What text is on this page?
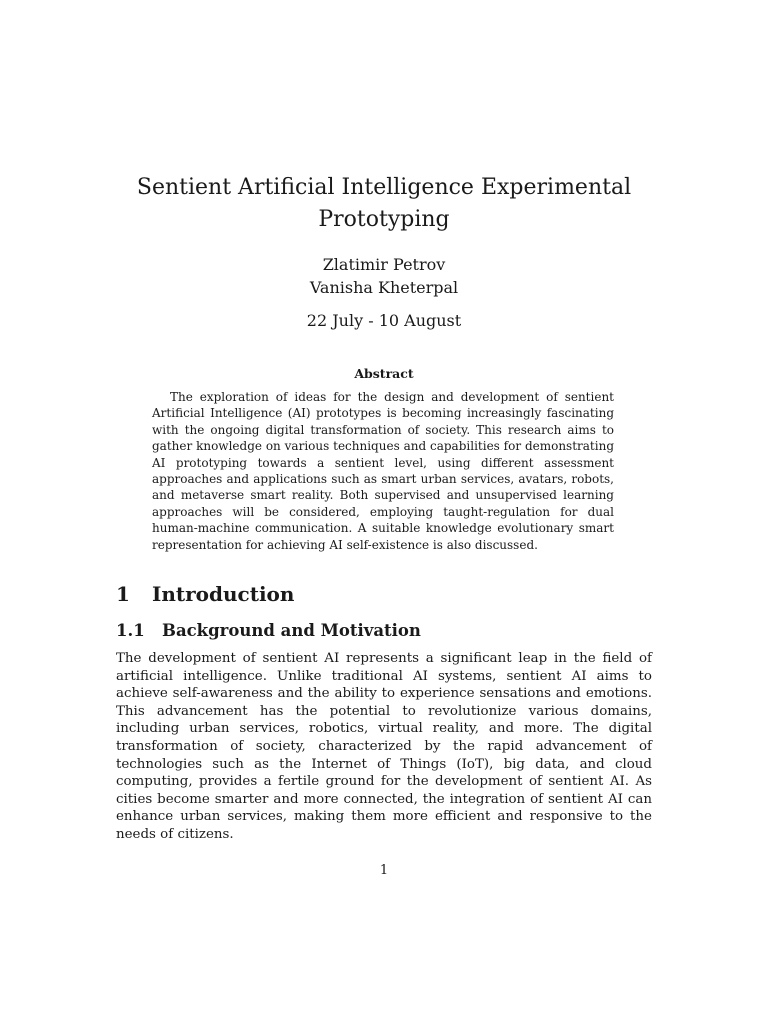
Sentient Artificial Intelligence Experimental Prototyping
Zlatimir Petrov
Vanisha Kheterpal
22 July - 10 August
Abstract

The exploration of ideas for the design and development of sentient Artificial Intelligence (AI) prototypes is becoming increasingly fascinating with the ongoing digital transformation of society. This research aims to gather knowledge on various techniques and capabilities for demonstrating AI prototyping towards a sentient level, using different assessment approaches and applications such as smart urban services, avatars, robots, and metaverse smart reality. Both supervised and unsupervised learning approaches will be considered, employing taught-regulation for dual human-machine communication. A suitable knowledge evolutionary smart representation for achieving AI self-existence is also discussed.

1 Introduction
1.1 Background and Motivation

The development of sentient AI represents a significant leap in the field of artificial intelligence. Unlike traditional AI systems, sentient AI aims to achieve self-awareness and the ability to experience sensations and emotions. This advancement has the potential to revolutionize various domains, including urban services, robotics, virtual reality, and more. The digital transformation of society, characterized by the rapid advancement of technologies such as the Internet of Things (IoT), big data, and cloud computing, provides a fertile ground for the development of sentient AI. As cities become smarter and more connected, the integration of sentient AI can enhance urban services, making them more efficient and responsive to the needs of citizens.

1
